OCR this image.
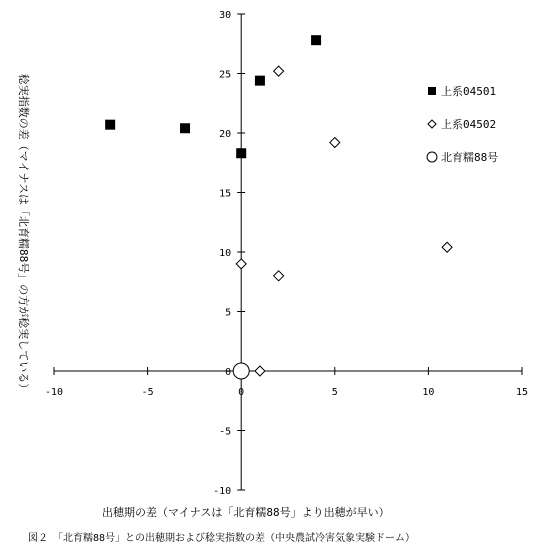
-10	-5	0	5	10	15
-10
-5
0
5
10
15
20
25
30
上系04501
上系04502
北育糯88号
稔実指数の差（マイナスは「北育糯88号」の方が稔実している）
出穂期の差（マイナスは「北育糯88号」より出穂が早い）
図２　「北育糯88号」との出穂期および稔実指数の差（中央農試冷害気象実験ドーム）
